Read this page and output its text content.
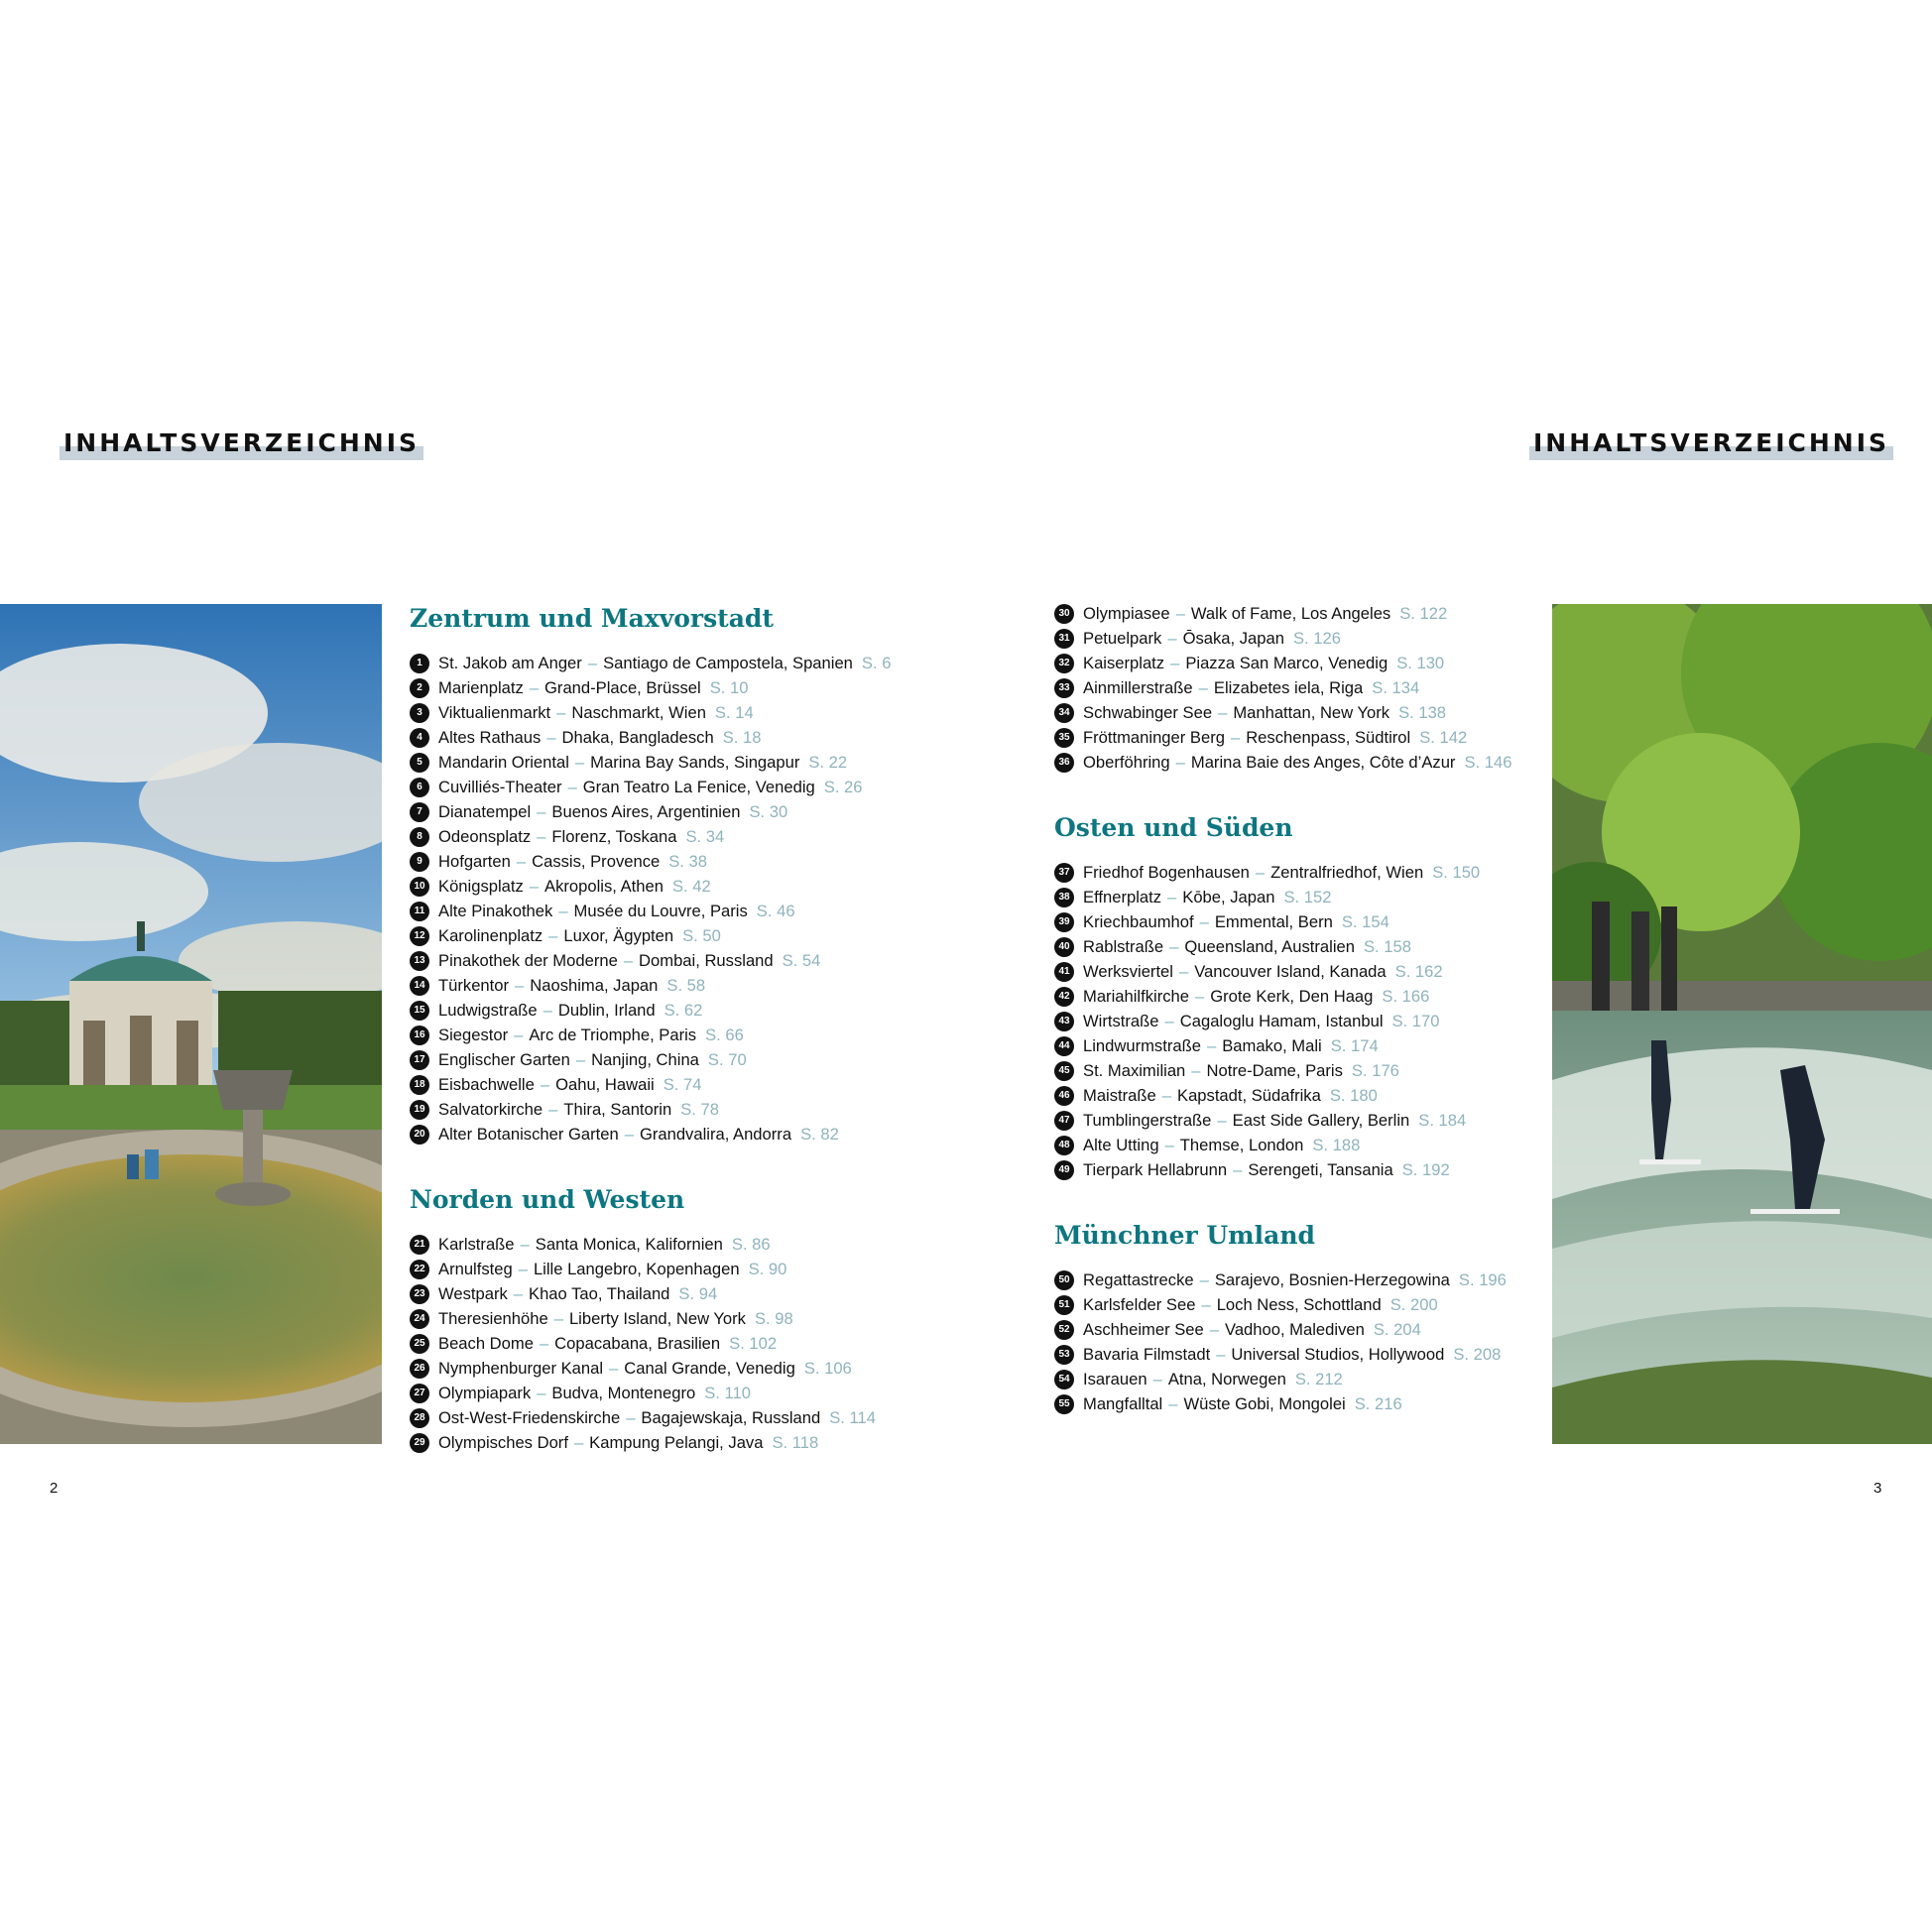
INHALTSVERZEICHNIS	INHALTSVERZEICHNIS
Zentrum und Maxvorstadt
1 St. Jakob am Anger – Santiago de Campostela, Spanien S. 6
2 Marienplatz – Grand-Place, Brüssel S. 10
3 Viktualienmarkt – Naschmarkt, Wien S. 14
4 Altes Rathaus – Dhaka, Bangladesch S. 18
5 Mandarin Oriental – Marina Bay Sands, Singapur S. 22
6 Cuvilliés-Theater – Gran Teatro La Fenice, Venedig S. 26
7 Dianatempel – Buenos Aires, Argentinien S. 30
8 Odeonsplatz – Florenz, Toskana S. 34
9 Hofgarten – Cassis, Provence S. 38
10 Königsplatz – Akropolis, Athen S. 42
11 Alte Pinakothek – Musée du Louvre, Paris S. 46
12 Karolinenplatz – Luxor, Ägypten S. 50
13 Pinakothek der Moderne – Dombai, Russland S. 54
14 Türkentor – Naoshima, Japan S. 58
15 Ludwigstraße – Dublin, Irland S. 62
16 Siegestor – Arc de Triomphe, Paris S. 66
17 Englischer Garten – Nanjing, China S. 70
18 Eisbachwelle – Oahu, Hawaii S. 74
19 Salvatorkirche – Thira, Santorin S. 78
20 Alter Botanischer Garten – Grandvalira, Andorra S. 82
Norden und Westen
21 Karlstraße – Santa Monica, Kalifornien S. 86
22 Arnulfsteg – Lille Langebro, Kopenhagen S. 90
23 Westpark – Khao Tao, Thailand S. 94
24 Theresienhöhe – Liberty Island, New York S. 98
25 Beach Dome – Copacabana, Brasilien S. 102
26 Nymphenburger Kanal – Canal Grande, Venedig S. 106
27 Olympiapark – Budva, Montenegro S. 110
28 Ost-West-Friedenskirche – Bagajewskaja, Russland S. 114
29 Olympisches Dorf – Kampung Pelangi, Java S. 118
30 Olympiasee – Walk of Fame, Los Angeles S. 122
31 Petuelpark – Ōsaka, Japan S. 126
32 Kaiserplatz – Piazza San Marco, Venedig S. 130
33 Ainmillerstraße – Elizabetes iela, Riga S. 134
34 Schwabinger See – Manhattan, New York S. 138
35 Fröttmaninger Berg – Reschenpass, Südtirol S. 142
36 Oberföhring – Marina Baie des Anges, Côte d’Azur S. 146
Osten und Süden
37 Friedhof Bogenhausen – Zentralfriedhof, Wien S. 150
38 Effnerplatz – Kōbe, Japan S. 152
39 Kriechbaumhof – Emmental, Bern S. 154
40 Rablstraße – Queensland, Australien S. 158
41 Werksviertel – Vancouver Island, Kanada S. 162
42 Mariahilfkirche – Grote Kerk, Den Haag S. 166
43 Wirtstraße – Cagaloglu Hamam, Istanbul S. 170
44 Lindwurmstraße – Bamako, Mali S. 174
45 St. Maximilian – Notre-Dame, Paris S. 176
46 Maistraße – Kapstadt, Südafrika S. 180
47 Tumblingerstraße – East Side Gallery, Berlin S. 184
48 Alte Utting – Themse, London S. 188
49 Tierpark Hellabrunn – Serengeti, Tansania S. 192
Münchner Umland
50 Regattastrecke – Sarajevo, Bosnien-Herzegowina S. 196
51 Karlsfelder See – Loch Ness, Schottland S. 200
52 Aschheimer See – Vadhoo, Malediven S. 204
53 Bavaria Filmstadt – Universal Studios, Hollywood S. 208
54 Isarauen – Atna, Norwegen S. 212
55 Mangfalltal – Wüste Gobi, Mongolei S. 216
2	3
